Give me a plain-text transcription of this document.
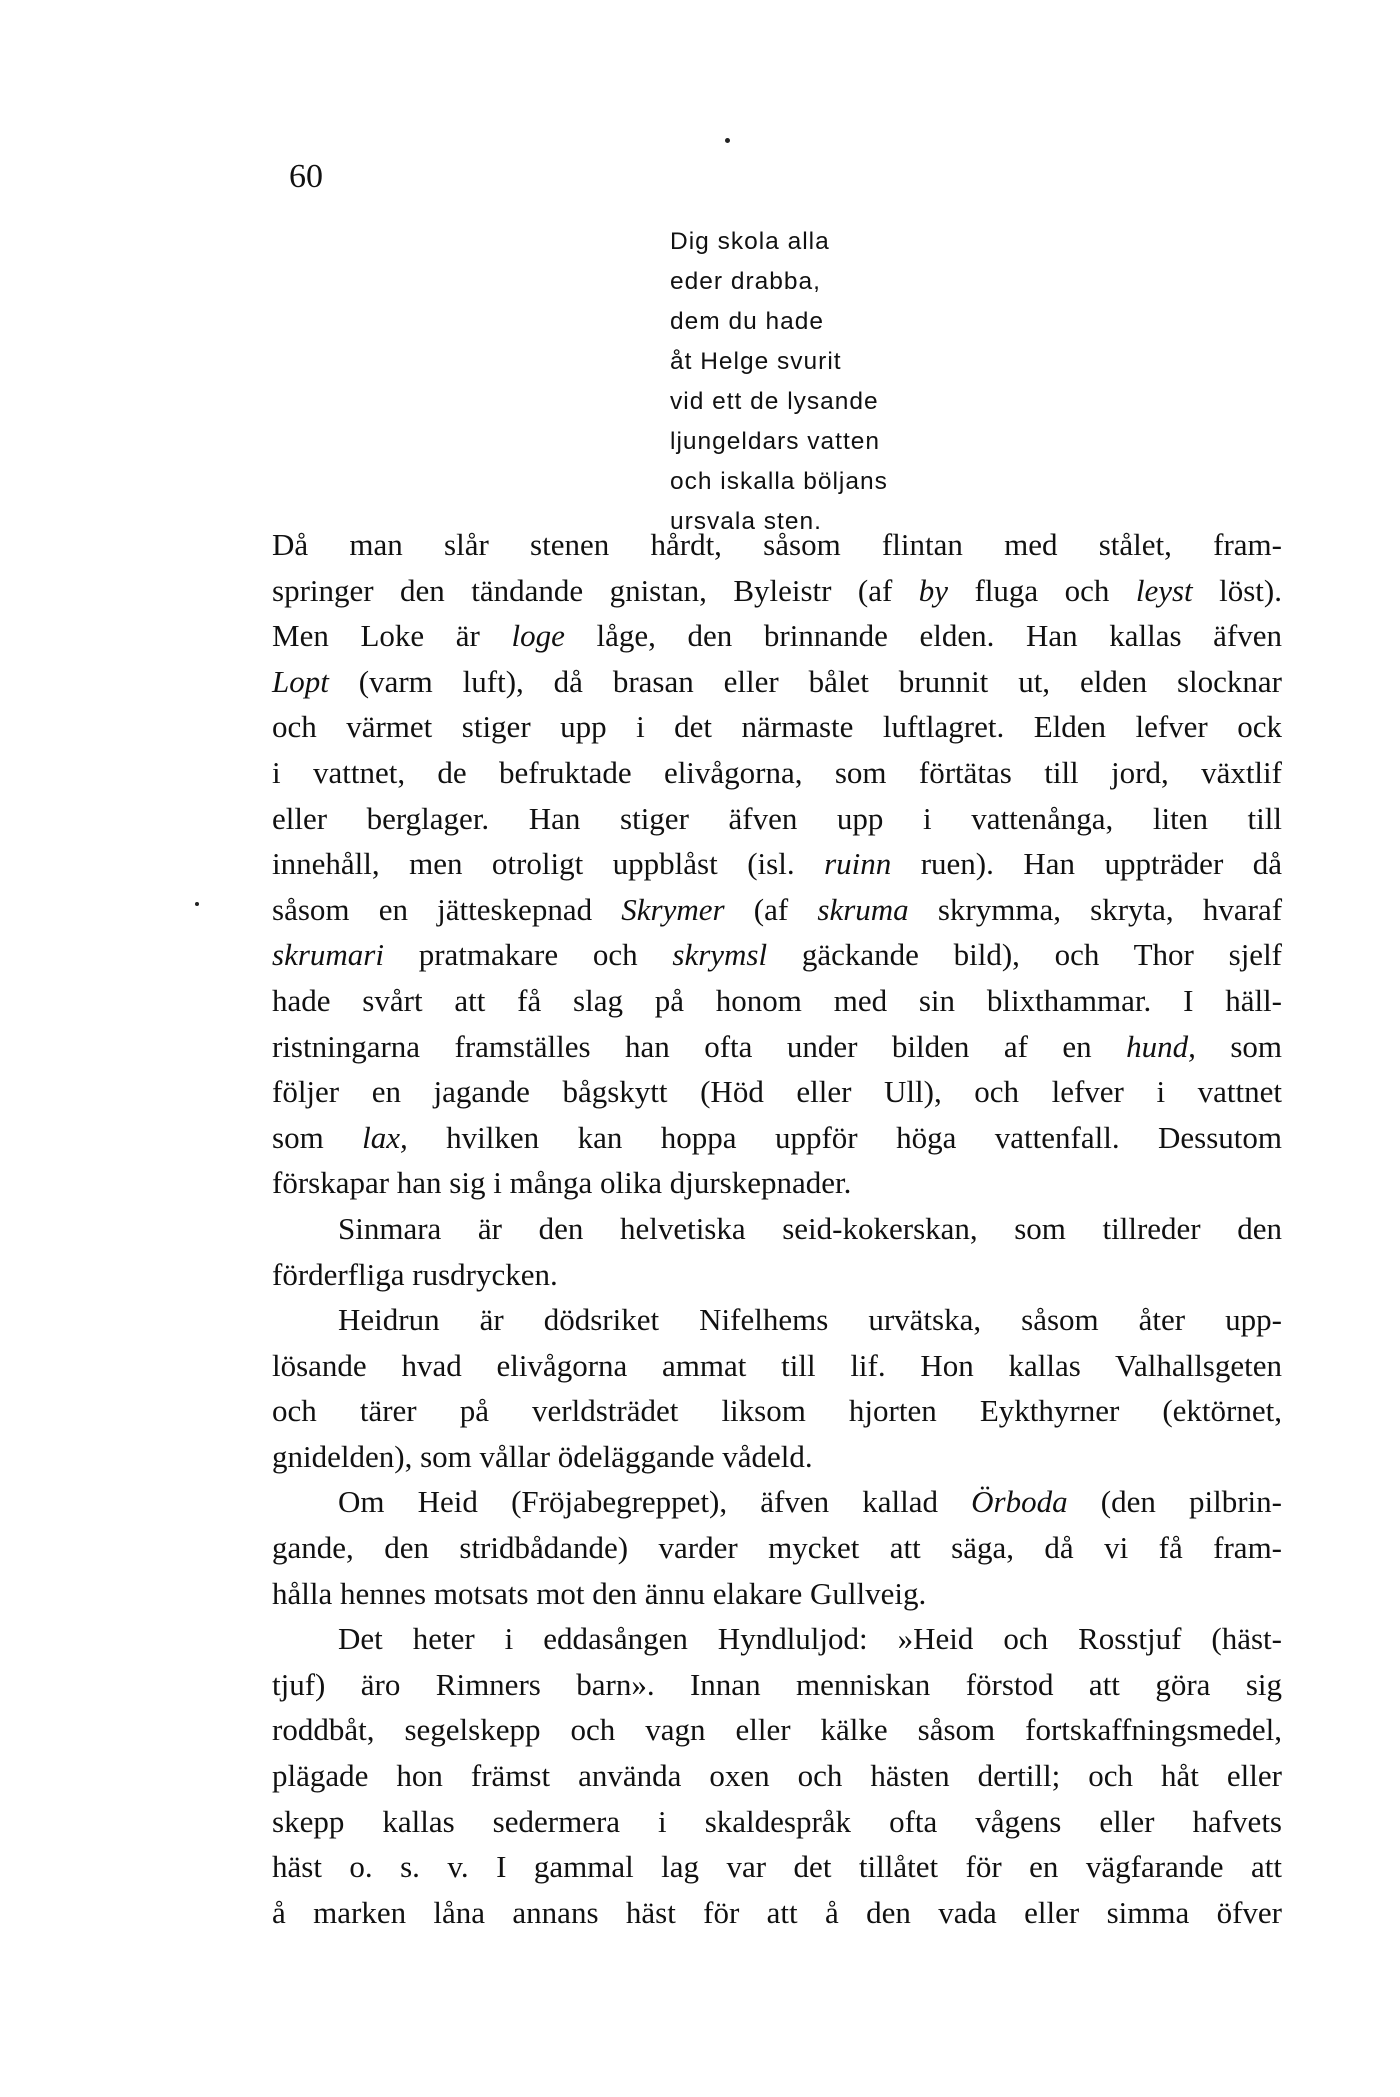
60
Dig skola alla
eder drabba,
dem du hade
åt Helge svurit
vid ett de lysande
ljungeldars vatten
och iskalla böljans
ursvala sten.
Då man slår stenen hårdt, såsom flintan med stålet, fram-
springer den tändande gnistan, Byleistr (af by fluga och leyst löst).
Men Loke är loge låge, den brinnande elden. Han kallas äfven
Lopt (varm luft), då brasan eller bålet brunnit ut, elden slocknar
och värmet stiger upp i det närmaste luftlagret. Elden lefver ock
i vattnet, de befruktade elivågorna, som förtätas till jord, växtlif
eller berglager. Han stiger äfven upp i vattenånga, liten till
innehåll, men otroligt uppblåst (isl. ruinn ruen). Han uppträder då
såsom en jätteskepnad Skrymer (af skruma skrymma, skryta, hvaraf
skrumari pratmakare och skrymsl gäckande bild), och Thor sjelf
hade svårt att få slag på honom med sin blixthammar. I häll-
ristningarna framställes han ofta under bilden af en hund, som
följer en jagande bågskytt (Höd eller Ull), och lefver i vattnet
som lax, hvilken kan hoppa uppför höga vattenfall. Dessutom
förskapar han sig i många olika djurskepnader.
Sinmara är den helvetiska seid-kokerskan, som tillreder den
förderfliga rusdrycken.
Heidrun är dödsriket Nifelhems urvätska, såsom åter upp-
lösande hvad elivågorna ammat till lif. Hon kallas Valhallsgeten
och tärer på verldsträdet liksom hjorten Eykthyrner (ektörnet,
gnidelden), som vållar ödeläggande vådeld.
Om Heid (Fröjabegreppet), äfven kallad Örboda (den pilbrin-
gande, den stridbådande) varder mycket att säga, då vi få fram-
hålla hennes motsats mot den ännu elakare Gullveig.
Det heter i eddasången Hyndluljod: »Heid och Rosstjuf (häst-
tjuf) äro Rimners barn». Innan menniskan förstod att göra sig
roddbåt, segelskepp och vagn eller kälke såsom fortskaffningsmedel,
plägade hon främst använda oxen och hästen dertill; och håt eller
skepp kallas sedermera i skaldespråk ofta vågens eller hafvets
häst o. s. v. I gammal lag var det tillåtet för en vägfarande att
å marken låna annans häst för att å den vada eller simma öfver
